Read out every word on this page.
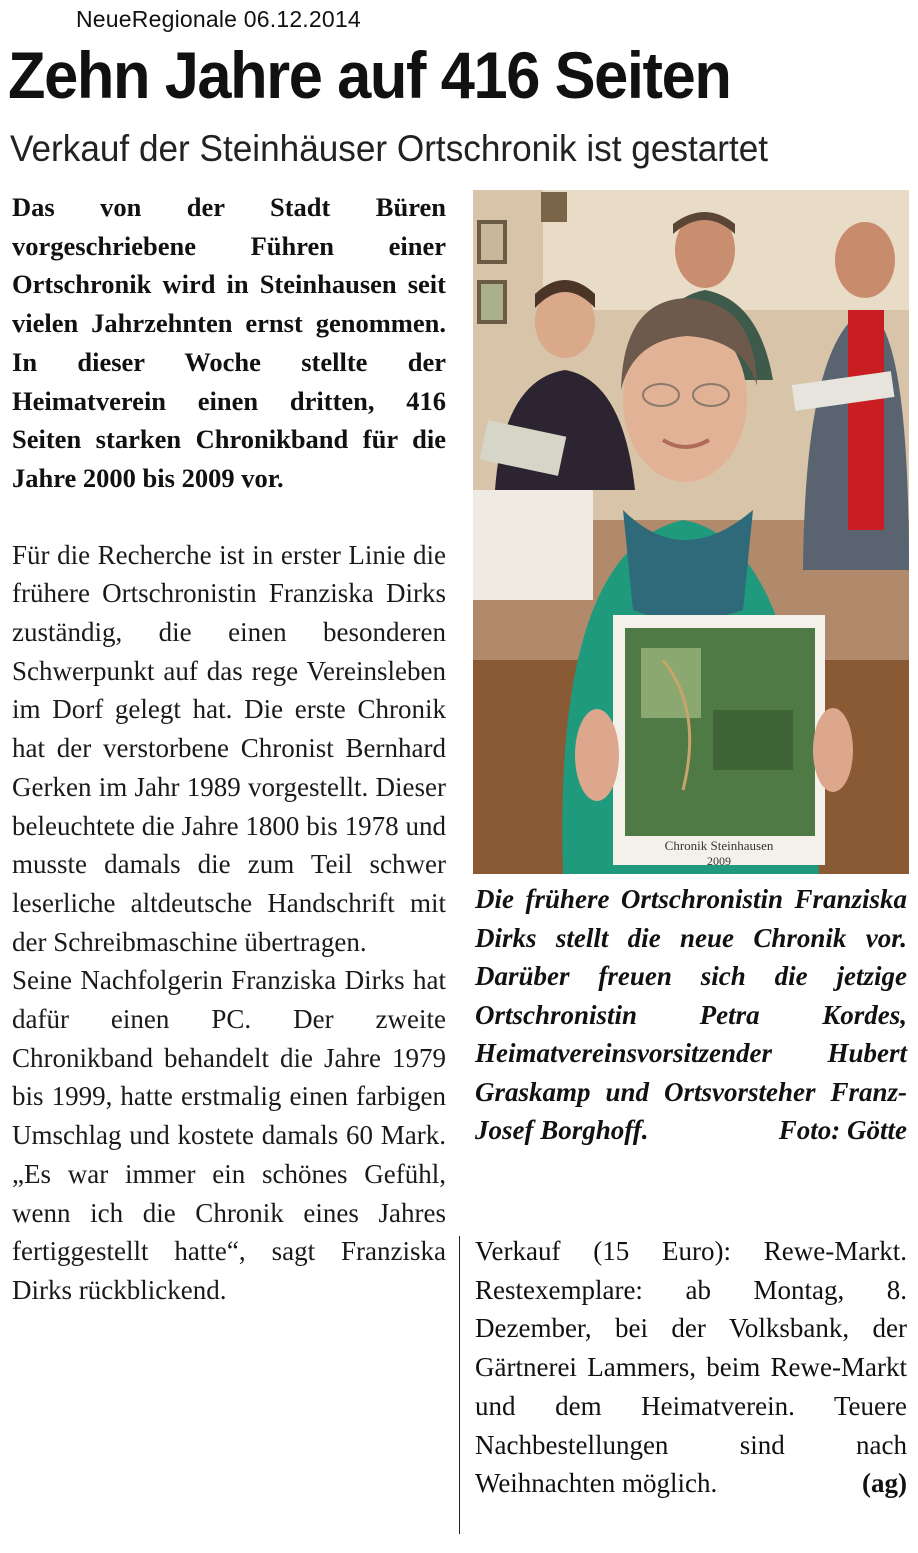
NeueRegionale 06.12.2014
Zehn Jahre auf 416 Seiten
Verkauf der Steinhäuser Ortschronik ist gestartet

Das von der Stadt Büren vorgeschriebene Führen einer Ortschronik wird in Steinhausen seit vielen Jahrzehnten ernst genommen. In dieser Woche stellte der Heimatverein einen dritten, 416 Seiten starken Chronikband für die Jahre 2000 bis 2009 vor.

Für die Recherche ist in erster Linie die frühere Ortschronistin Franziska Dirks zuständig, die einen besonderen Schwerpunkt auf das rege Vereinsleben im Dorf gelegt hat. Die erste Chronik hat der verstorbene Chronist Bernhard Gerken im Jahr 1989 vorgestellt. Dieser beleuchtete die Jahre 1800 bis 1978 und musste damals die zum Teil schwer leserliche altdeutsche Handschrift mit der Schreibmaschine übertragen.

Seine Nachfolgerin Franziska Dirks hat dafür einen PC. Der zweite Chronikband behandelt die Jahre 1979 bis 1999, hatte erstmalig einen farbigen Umschlag und kostete damals 60 Mark. „Es war immer ein schönes Gefühl, wenn ich die Chronik eines Jahres fertiggestellt hatte“, sagt Franziska Dirks rückblickend.

Chronik Steinhausen
2009

Die frühere Ortschronistin Franziska Dirks stellt die neue Chronik vor. Darüber freuen sich die jetzige Ortschronistin Petra Kordes, Heimatvereinsvorsitzender Hubert Graskamp und Ortsvorsteher Franz-Josef Borghoff.	Foto: Götte

Verkauf (15 Euro): Rewe-Markt. Restexemplare: ab Montag, 8. Dezember, bei der Volksbank, der Gärtnerei Lammers, beim Rewe-Markt und dem Heimatverein. Teuere Nachbestellungen sind nach Weihnachten möglich.	(ag)
